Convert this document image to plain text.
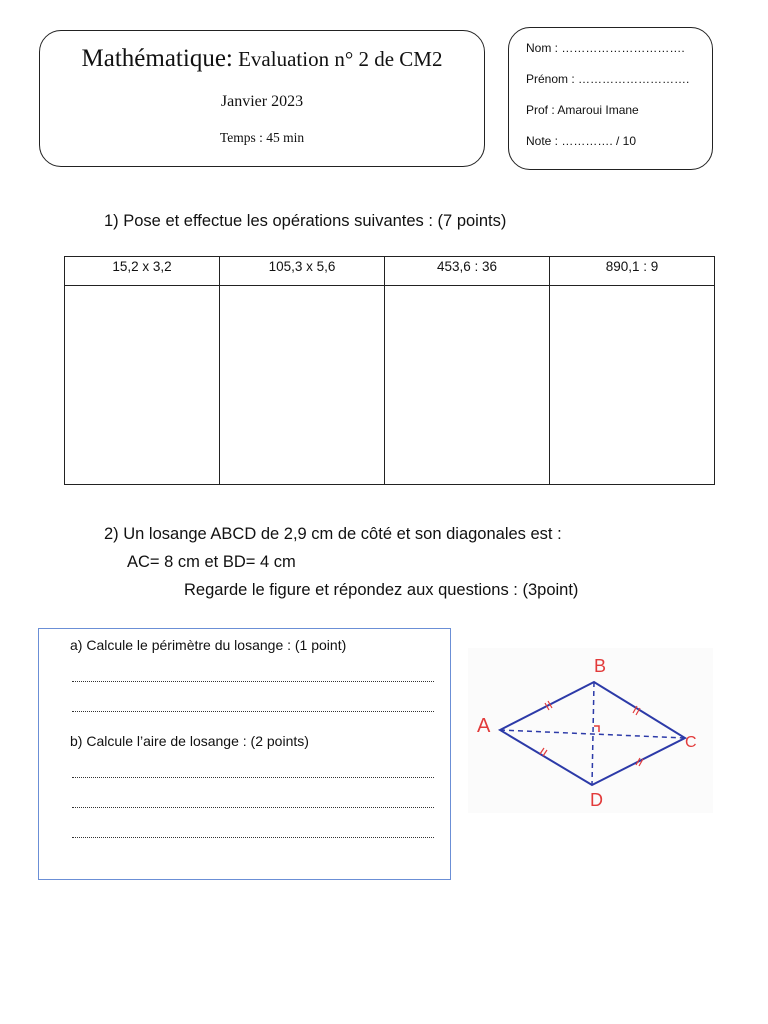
Mathématique: Evaluation n° 2 de CM2
Janvier 2023
Temps : 45 min
Nom : ………………………….
Prénom : ……………………….
Prof : Amaroui Imane
Note : …………. / 10
1) Pose et effectue les opérations suivantes : (7 points)
15,2 x 3,2	105,3 x 5,6	453,6 : 36	890,1 : 9

2) Un losange ABCD de 2,9 cm de côté et son diagonales est :
AC= 8 cm et BD= 4 cm
Regarde le figure et répondez aux questions : (3point)
a) Calcule le périmètre du losange : (1 point)
b) Calcule l’aire de losange : (2 points)
A
B
C
D
